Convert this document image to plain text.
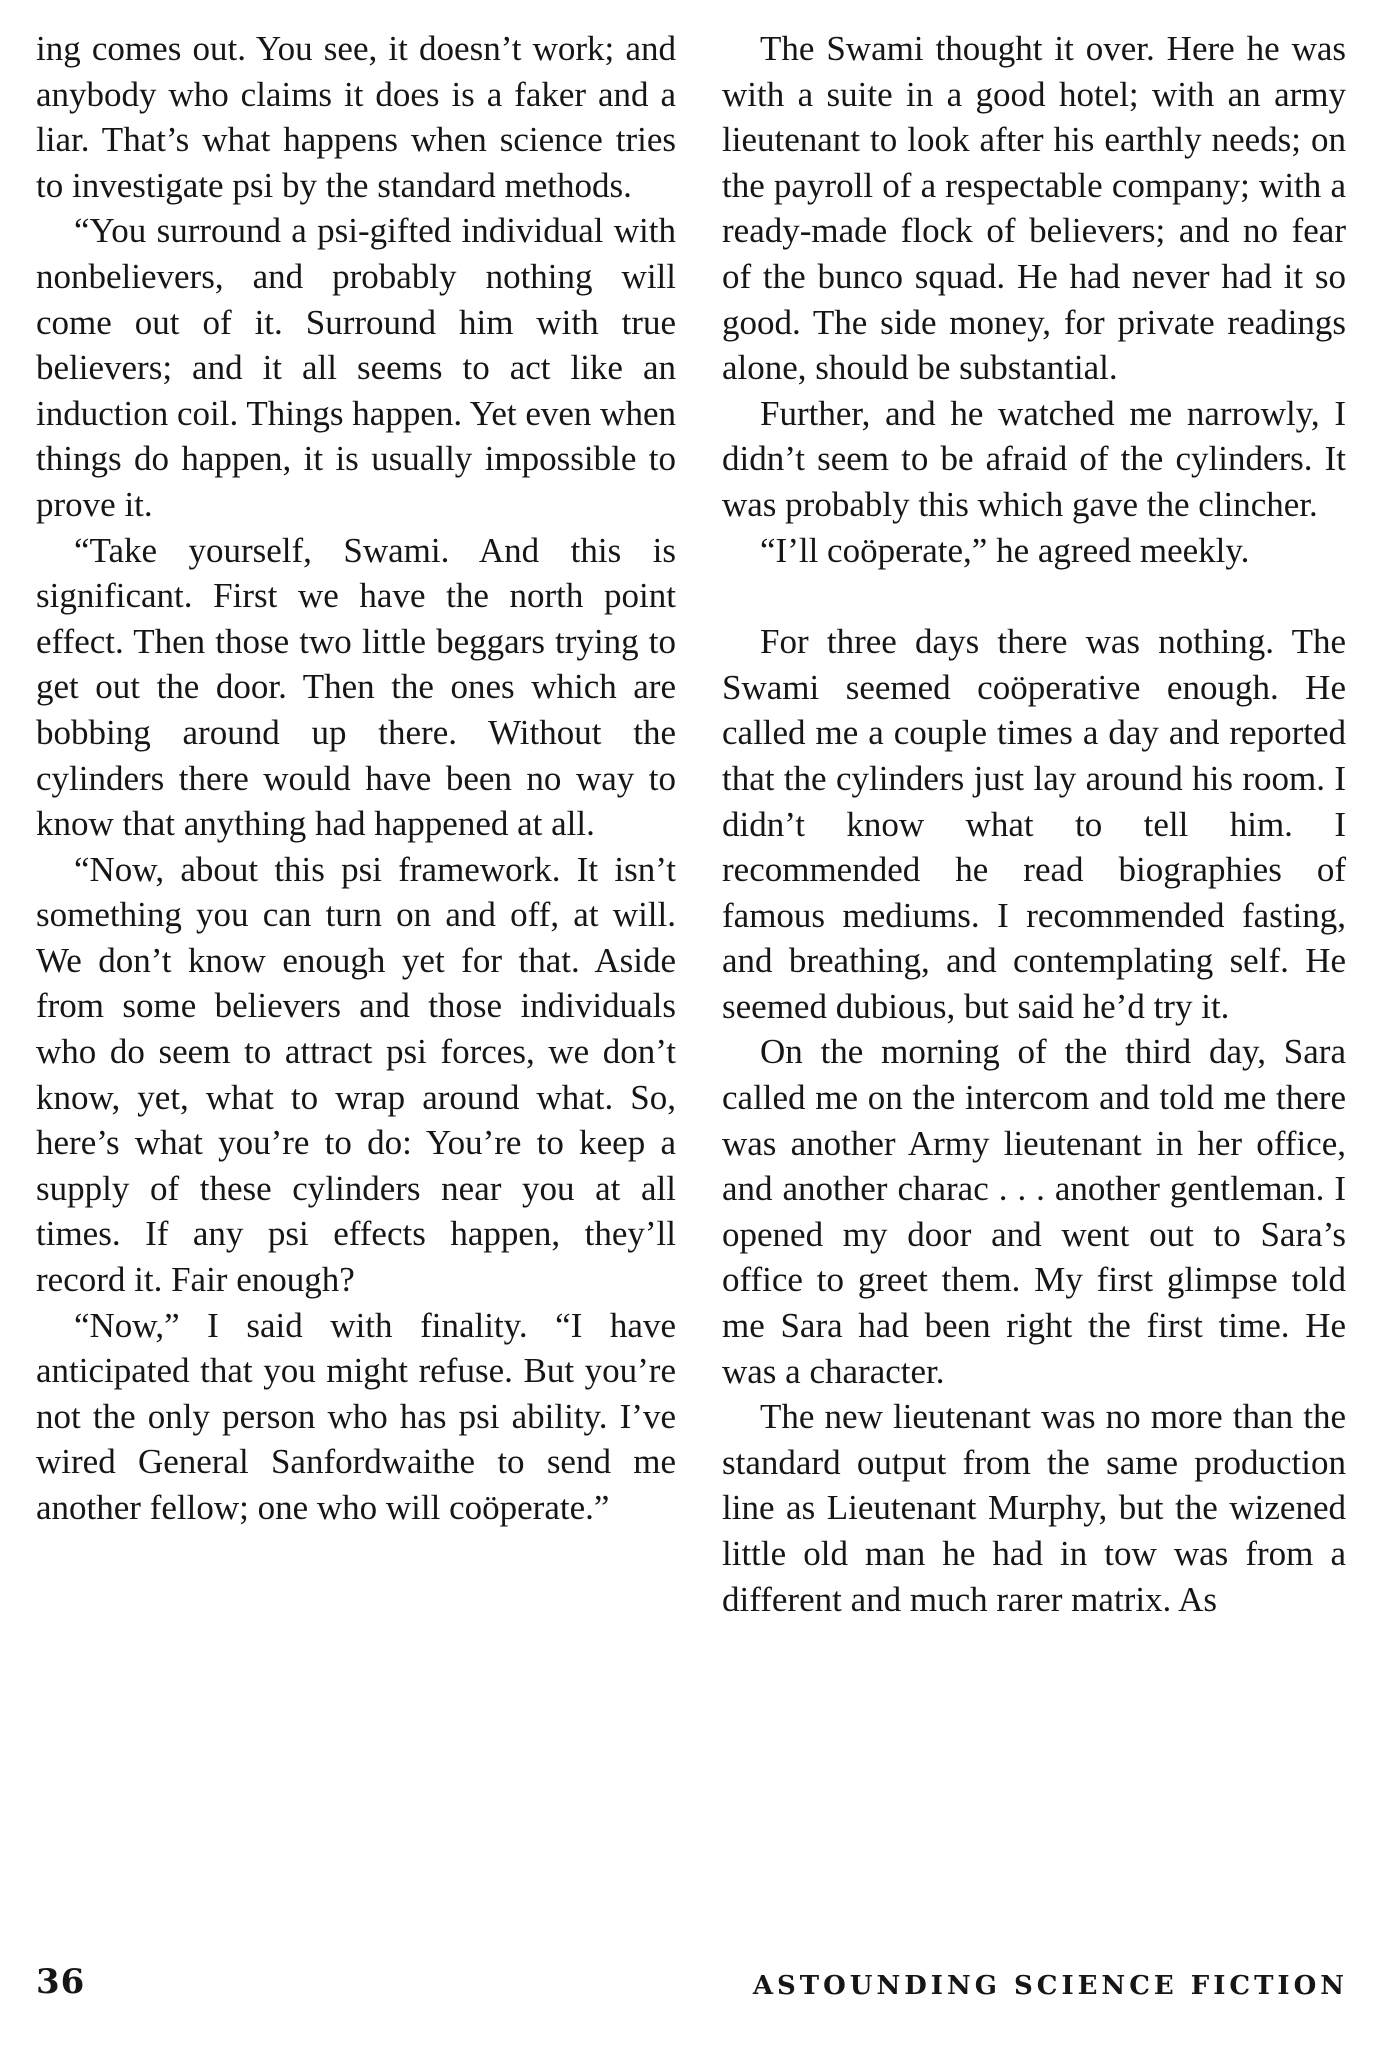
ing comes out. You see, it doesn’t work; and anybody who claims it does is a faker and a liar. That’s what happens when science tries to investigate psi by the standard methods.

“You surround a psi-gifted individual with nonbelievers, and probably nothing will come out of it. Surround him with true believers; and it all seems to act like an induction coil. Things happen. Yet even when things do happen, it is usually impossible to prove it.

“Take yourself, Swami. And this is significant. First we have the north point effect. Then those two little beggars trying to get out the door. Then the ones which are bobbing around up there. Without the cylinders there would have been no way to know that anything had happened at all.

“Now, about this psi framework. It isn’t something you can turn on and off, at will. We don’t know enough yet for that. Aside from some believers and those individuals who do seem to attract psi forces, we don’t know, yet, what to wrap around what. So, here’s what you’re to do: You’re to keep a supply of these cylinders near you at all times. If any psi effects happen, they’ll record it. Fair enough?

“Now,” I said with finality. “I have anticipated that you might refuse. But you’re not the only person who has psi ability. I’ve wired General Sanfordwaithe to send me another fellow; one who will coöperate.”

The Swami thought it over. Here he was with a suite in a good hotel; with an army lieutenant to look after his earthly needs; on the payroll of a respectable company; with a ready-made flock of believers; and no fear of the bunco squad. He had never had it so good. The side money, for private readings alone, should be substantial.

Further, and he watched me narrowly, I didn’t seem to be afraid of the cylinders. It was probably this which gave the clincher.

“I’ll coöperate,” he agreed meekly.

For three days there was nothing. The Swami seemed coöperative enough. He called me a couple times a day and reported that the cylinders just lay around his room. I didn’t know what to tell him. I recommended he read biographies of famous mediums. I recommended fasting, and breathing, and contemplating self. He seemed dubious, but said he’d try it.

On the morning of the third day, Sara called me on the intercom and told me there was another Army lieutenant in her office, and another charac . . . another gentleman. I opened my door and went out to Sara’s office to greet them. My first glimpse told me Sara had been right the first time. He was a character.

The new lieutenant was no more than the standard output from the same production line as Lieutenant Murphy, but the wizened little old man he had in tow was from a different and much rarer matrix. As

36	ASTOUNDING SCIENCE FICTION
